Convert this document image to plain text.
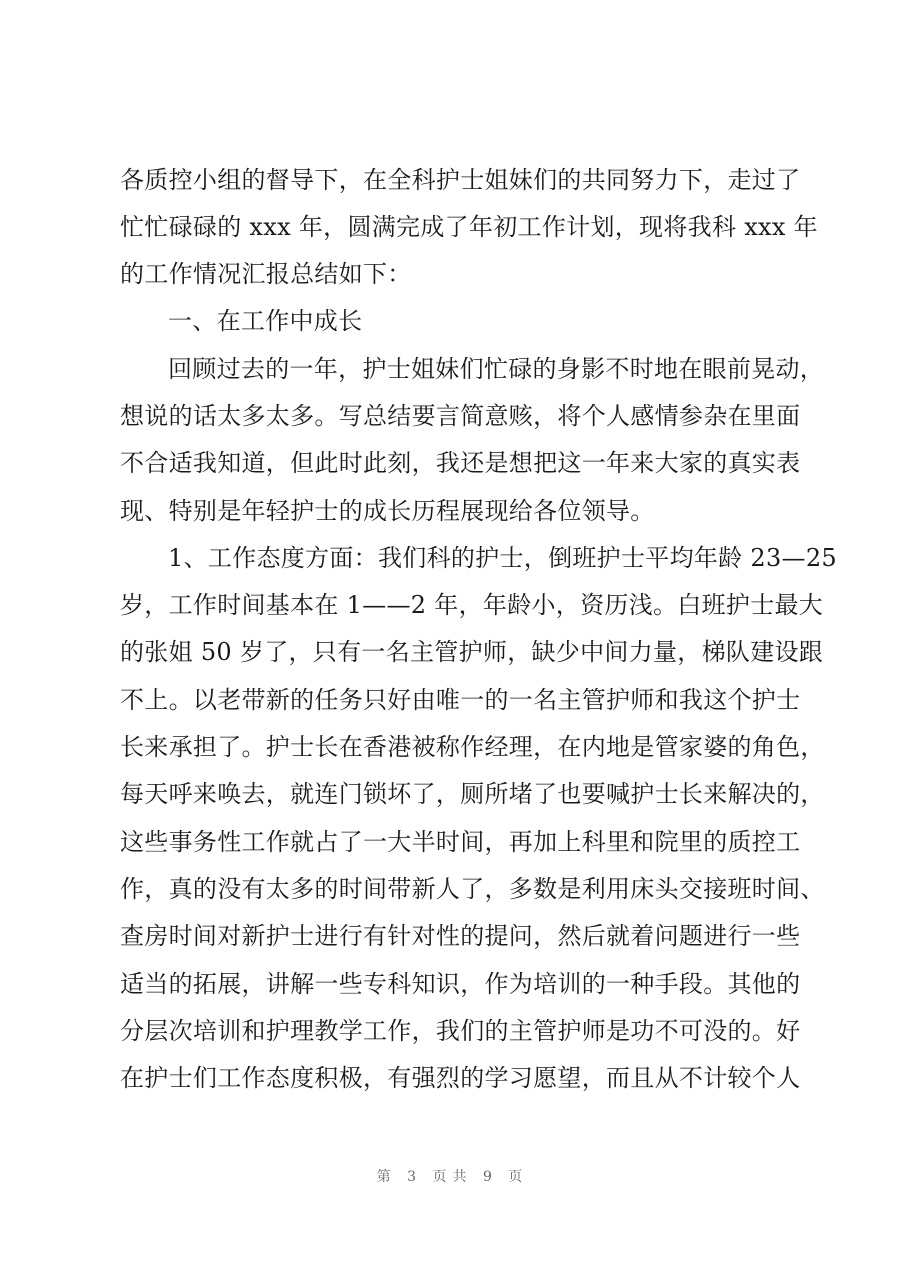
各质控小组的督导下，在全科护士姐妹们的共同努力下，走过了
忙忙碌碌的 xxx 年，圆满完成了年初工作计划，现将我科 xxx 年
的工作情况汇报总结如下：
一、在工作中成长
回顾过去的一年，护士姐妹们忙碌的身影不时地在眼前晃动，
想说的话太多太多。写总结要言简意赅，将个人感情参杂在里面
不合适我知道，但此时此刻，我还是想把这一年来大家的真实表
现、特别是年轻护士的成长历程展现给各位领导。
1、工作态度方面：我们科的护士，倒班护士平均年龄 23—25
岁，工作时间基本在 1——2 年，年龄小，资历浅。白班护士最大
的张姐 50 岁了，只有一名主管护师，缺少中间力量，梯队建设跟
不上。以老带新的任务只好由唯一的一名主管护师和我这个护士
长来承担了。护士长在香港被称作经理，在内地是管家婆的角色，
每天呼来唤去，就连门锁坏了，厕所堵了也要喊护士长来解决的，
这些事务性工作就占了一大半时间，再加上科里和院里的质控工
作，真的没有太多的时间带新人了，多数是利用床头交接班时间、
查房时间对新护士进行有针对性的提问，然后就着问题进行一些
适当的拓展，讲解一些专科知识，作为培训的一种手段。其他的
分层次培训和护理教学工作，我们的主管护师是功不可没的。好
在护士们工作态度积极，有强烈的学习愿望，而且从不计较个人
第 3 页共 9 页
